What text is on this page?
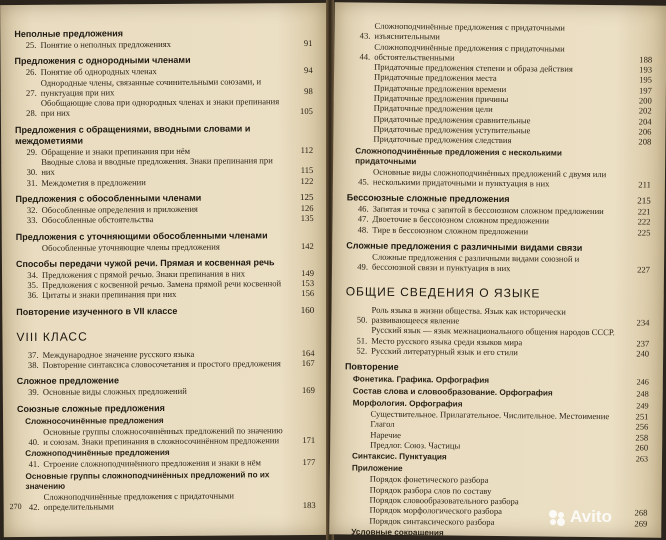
Неполные предложения
25. Понятие о неполных предложениях	91
Предложения с однородными членами
26. Понятие об однородных членах	94
27.
Однородные члены, связанные сочинительными союзами, и пунктуация при них	98
28.
Обобщающие слова при однородных членах и знаки препинания при них	105
Предложения с обращениями, вводными словами и междометиями
29. Обращение и знаки препинания при нём	112
30.
Вводные слова и вводные предложения. Знаки препинания при них	115
31. Междометия в предложении	122
Предложения с обособленными членами	125
32. Обособленные определения и приложения	126
33. Обособленные обстоятельства	135
Предложения с уточняющими обособленными членами
Обособленные уточняющие члены предложения	142
Способы передачи чужой речи. Прямая и косвенная речь
34. Предложения с прямой речью. Знаки препинания в них	149
35. Предложения с косвенной речью. Замена прямой речи косвенной	153
36. Цитаты и знаки препинания при них	156
Повторение изученного в VII классе	160
VIII КЛАСС
37. Международное значение русского языка	164
38. Повторение синтаксиса словосочетания и простого предложения	167
Сложное предложение
39. Основные виды сложных предложений	169
Союзные сложные предложения
Сложносочинённые предложения
40.
Основные группы сложносочинённых предложений по значению и союзам. Знаки препинания в сложносочинённом предложении	171
Сложноподчинённые предложения
41. Строение сложноподчинённого предложения и знаки в нём	177
Основные группы сложноподчинённых предложений по их значению
42.
Сложноподчинённые предложения с придаточными определительными	183
270
43.
Сложноподчинённые предложения с придаточными изъяснительными
44.
Сложноподчинённые предложения с придаточными обстоятельственными	188
Придаточные предложения степени и образа действия	193
Придаточные предложения места	195
Придаточные предложения времени	197
Придаточные предложения причины	200
Придаточные предложения цели	202
Придаточные предложения сравнительные	204
Придаточные предложения уступительные	206
Придаточные предложения следствия	208
Сложноподчинённые предложения с несколькими придаточными
45.
Основные виды сложноподчинённых предложений с двумя или несколькими придаточными и пунктуация в них	211
Бессоюзные сложные предложения	215
46. Запятая и точка с запятой в бессоюзном сложном предложении	221
47. Двоеточие в бессоюзном сложном предложении	222
48. Тире в бессоюзном сложном предложении	225
Сложные предложения с различными видами связи
49.
Сложные предложения с различными видами союзной и бессоюзной связи и пунктуация в них	227
ОБЩИЕ СВЕДЕНИЯ О ЯЗЫКЕ
50.
Роль языка в жизни общества. Язык как исторически развивающееся явление	234
51.
Русский язык — язык межнационального общения народов СССР. Место русского языка среди языков мира	237
52. Русский литературный язык и его стили	240
Повторение
Фонетика. Графика. Орфография	246
Состав слова и словообразование. Орфография	248
Морфология. Орфография	249
Существительное. Прилагательное. Числительное. Местоимение	251
Глагол	256
Наречие	258
Предлог. Союз. Частицы	260
Синтаксис. Пунктуация	263
Приложение
Порядок фонетического разбора
Порядок разбора слов по составу
Порядок словообразовательного разбора
Порядок морфологического разбора	268
Порядок синтаксического разбора	269
Условные сокращения
Avito
